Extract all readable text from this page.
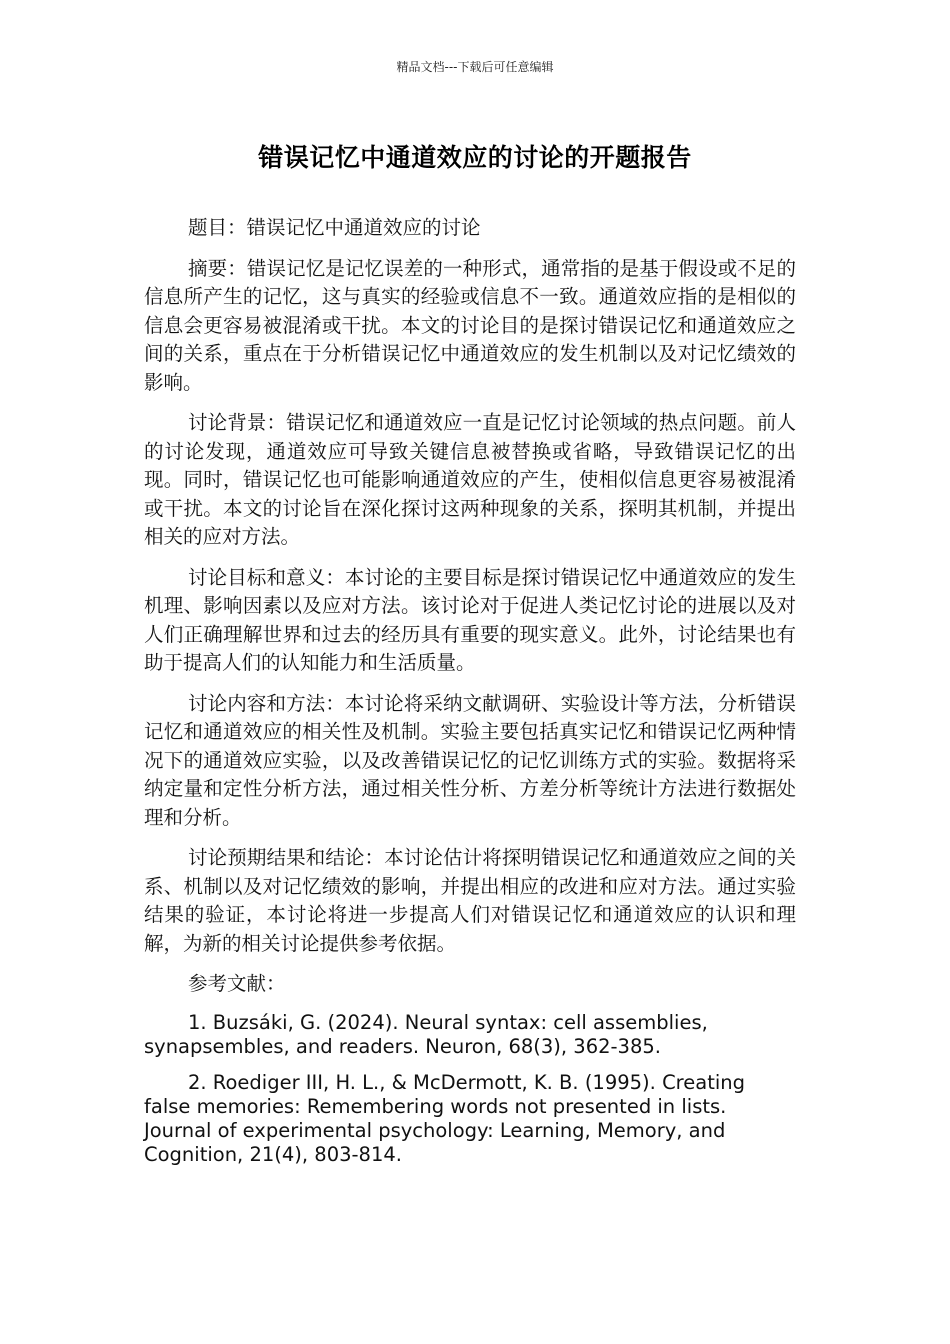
精品文档---下载后可任意编辑
错误记忆中通道效应的讨论的开题报告

题目：错误记忆中通道效应的讨论

摘要：错误记忆是记忆误差的一种形式，通常指的是基于假设或不足的信息所产生的记忆，这与真实的经验或信息不一致。通道效应指的是相似的信息会更容易被混淆或干扰。本文的讨论目的是探讨错误记忆和通道效应之间的关系，重点在于分析错误记忆中通道效应的发生机制以及对记忆绩效的影响。

讨论背景：错误记忆和通道效应一直是记忆讨论领域的热点问题。前人的讨论发现，通道效应可导致关键信息被替换或省略，导致错误记忆的出现。同时，错误记忆也可能影响通道效应的产生，使相似信息更容易被混淆或干扰。本文的讨论旨在深化探讨这两种现象的关系，探明其机制，并提出相关的应对方法。

讨论目标和意义：本讨论的主要目标是探讨错误记忆中通道效应的发生机理、影响因素以及应对方法。该讨论对于促进人类记忆讨论的进展以及对人们正确理解世界和过去的经历具有重要的现实意义。此外，讨论结果也有助于提高人们的认知能力和生活质量。

讨论内容和方法：本讨论将采纳文献调研、实验设计等方法，分析错误记忆和通道效应的相关性及机制。实验主要包括真实记忆和错误记忆两种情况下的通道效应实验，以及改善错误记忆的记忆训练方式的实验。数据将采纳定量和定性分析方法，通过相关性分析、方差分析等统计方法进行数据处理和分析。

讨论预期结果和结论：本讨论估计将探明错误记忆和通道效应之间的关系、机制以及对记忆绩效的影响，并提出相应的改进和应对方法。通过实验结果的验证，本讨论将进一步提高人们对错误记忆和通道效应的认识和理解，为新的相关讨论提供参考依据。

参考文献：

1. Buzsáki, G. (2024). Neural syntax: cell assemblies, synapsembles, and readers. Neuron, 68(3), 362-385.

2. Roediger III, H. L., & McDermott, K. B. (1995). Creating false memories: Remembering words not presented in lists. Journal of experimental psychology: Learning, Memory, and Cognition, 21(4), 803-814.
